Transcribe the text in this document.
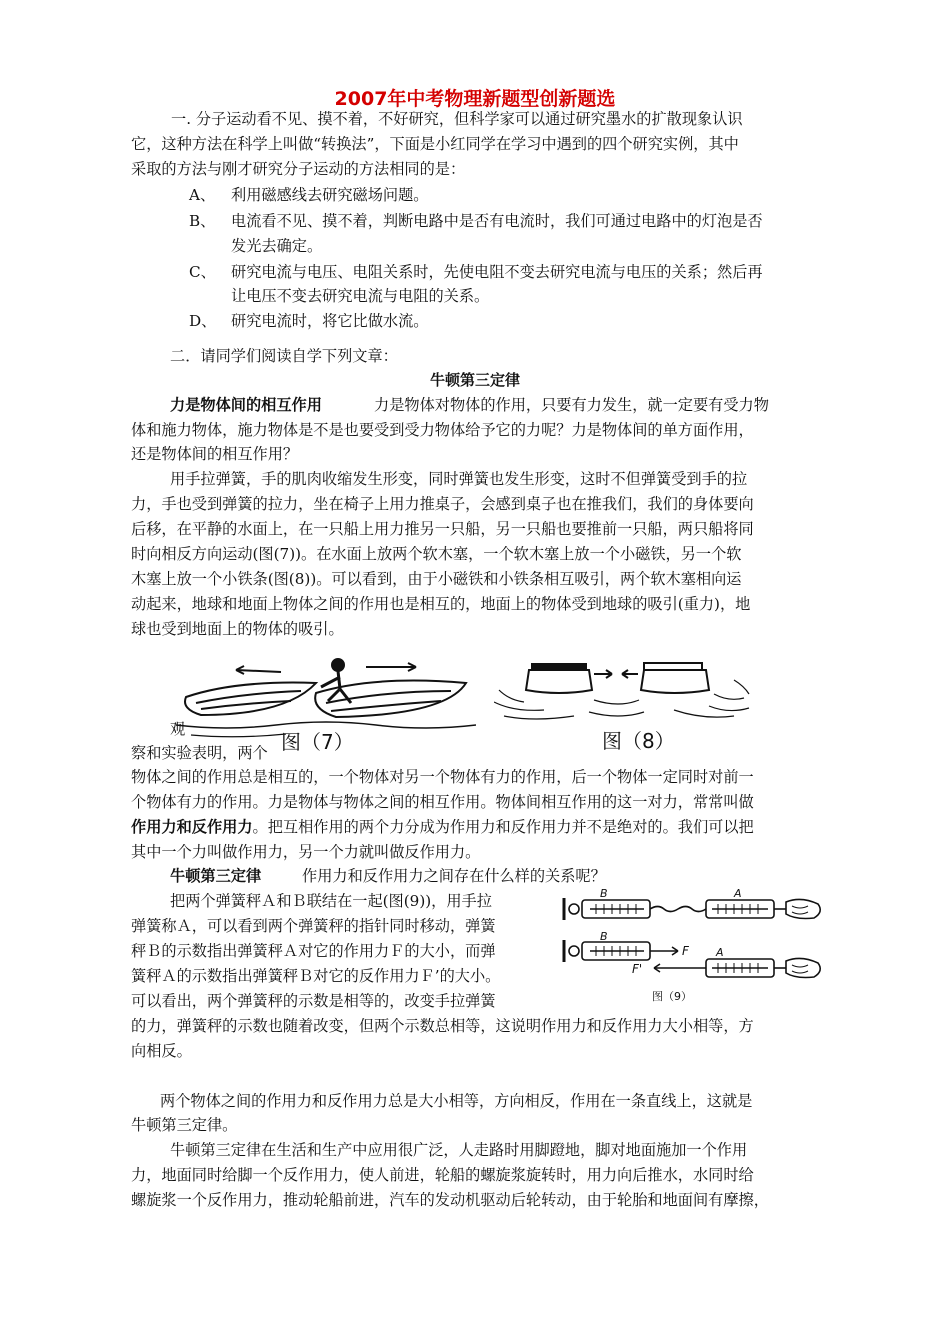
2007年中考物理新题型创新题选
一. 分子运动看不见、摸不着，不好研究，但科学家可以通过研究墨水的扩散现象认识
它，这种方法在科学上叫做“转换法”，下面是小红同学在学习中遇到的四个研究实例，其中
采取的方法与刚才研究分子运动的方法相同的是：
A、 利用磁感线去研究磁场问题。
B、 电流看不见、摸不着，判断电路中是否有电流时，我们可通过电路中的灯泡是否
发光去确定。
C、 研究电流与电压、电阻关系时，先使电阻不变去研究电流与电压的关系；然后再
让电压不变去研究电流与电阻的关系。
D、 研究电流时，将它比做水流。
二．请同学们阅读自学下列文章：
牛顿第三定律
力是物体间的相互作用	力是物体对物体的作用，只要有力发生，就一定要有受力物
体和施力物体，施力物体是不是也要受到受力物体给予它的力呢？力是物体间的单方面作用，
还是物体间的相互作用？
用手拉弹簧，手的肌肉收缩发生形变，同时弹簧也发生形变，这时不但弹簧受到手的拉
力，手也受到弹簧的拉力，坐在椅子上用力推桌子，会感到桌子也在推我们，我们的身体要向
后移，在平静的水面上，在一只船上用力推另一只船，另一只船也要推前一只船，两只船将同
时向相反方向运动(图(7))。在水面上放两个软木塞，一个软木塞上放一个小磁铁，另一个软
木塞上放一个小铁条(图(8))。可以看到，由于小磁铁和小铁条相互吸引，两个软木塞相向运
动起来，地球和地面上物体之间的作用也是相互的，地面上的物体受到地球的吸引(重力)，地
球也受到地面上的物体的吸引。
图（7）	图（8）
观
察和实验表明，两个
物体之间的作用总是相互的，一个物体对另一个物体有力的作用，后一个物体一定同时对前一
个物体有力的作用。力是物体与物体之间的相互作用。物体间相互作用的这一对力，常常叫做
作用力和反作用力。把互相作用的两个力分成为作用力和反作用力并不是绝对的。我们可以把
其中一个力叫做作用力，另一个力就叫做反作用力。
牛顿第三定律	作用力和反作用力之间存在什么样的关系呢？
把两个弹簧秤Ａ和Ｂ联结在一起(图(9))，用手拉
弹簧称Ａ，可以看到两个弹簧秤的指针同时移动，弹簧
秤Ｂ的示数指出弹簧秤Ａ对它的作用力Ｆ的大小，而弹
簧秤Ａ的示数指出弹簧秤Ｂ对它的反作用力Ｆ’的大小。
可以看出，两个弹簧秤的示数是相等的，改变手拉弹簧
的力，弹簧秤的示数也随着改变，但两个示数总相等，这说明作用力和反作用力大小相等，方
向相反。
B	A
B
F
F'
A
图（9）
两个物体之间的作用力和反作用力总是大小相等，方向相反，作用在一条直线上，这就是
牛顿第三定律。
牛顿第三定律在生活和生产中应用很广泛，人走路时用脚蹬地，脚对地面施加一个作用
力，地面同时给脚一个反作用力，使人前进，轮船的螺旋浆旋转时，用力向后推水，水同时给
螺旋浆一个反作用力，推动轮船前进，汽车的发动机驱动后轮转动，由于轮胎和地面间有摩擦，
